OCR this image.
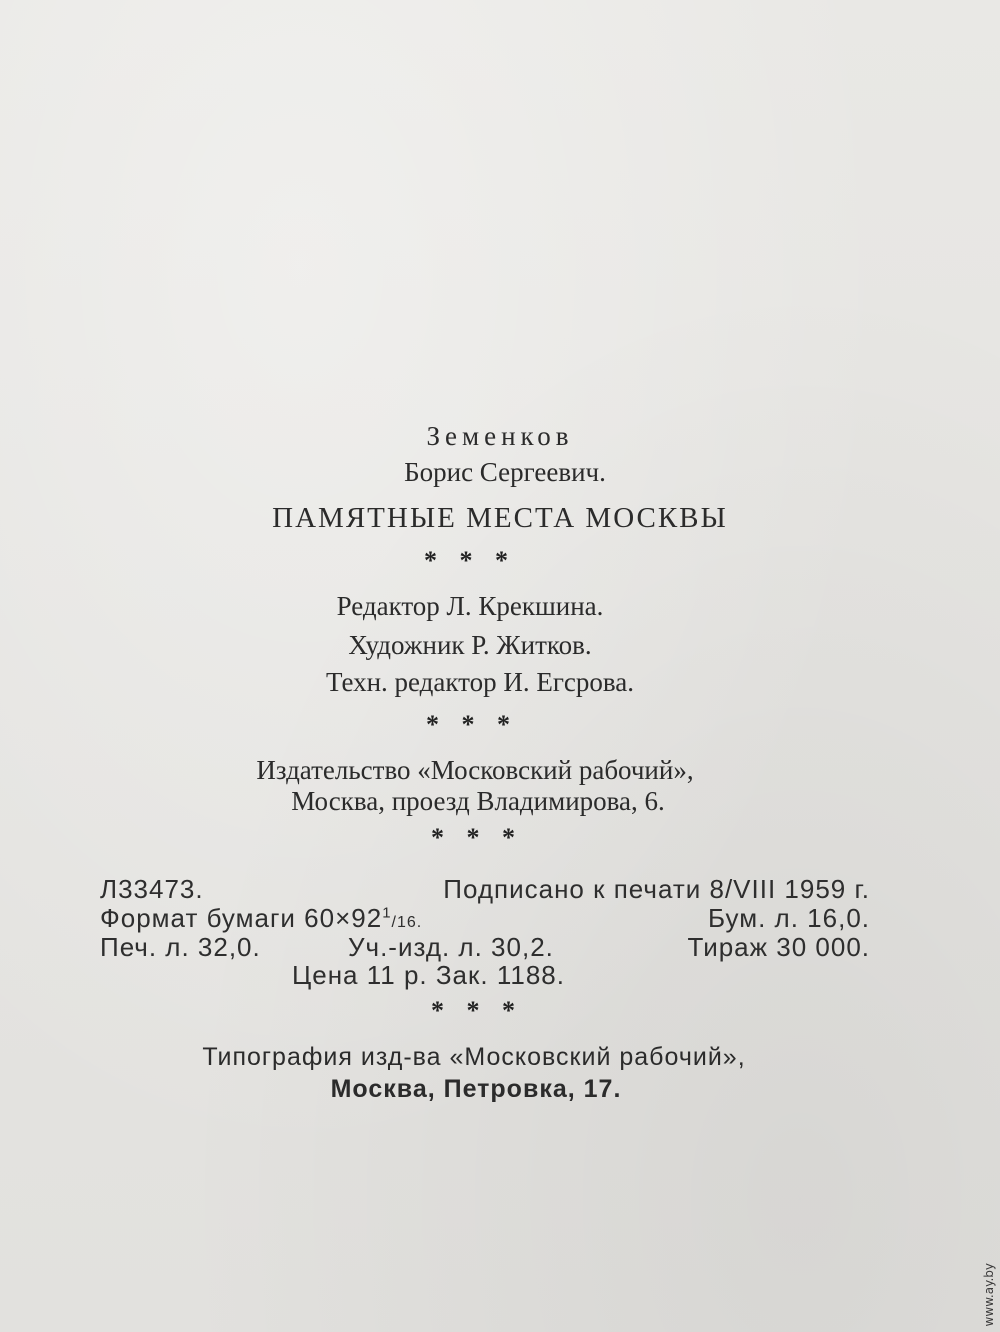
Земенков
Борис Сергеевич.
ПАМЯТНЫЕ МЕСТА МОСКВЫ
* * *
Редактор Л. Крекшина.
Художник Р. Житков.
Техн. редактор И. Егсрова.
* * *
Издательство «Московский рабочий»,
Москва, проезд Владимирова, 6.
* * *
Л33473.	Подписано к печати 8/VIII 1959 г.
Формат бумаги $60\times 92^1/16$.	Бум. л. 16,0.
Печ. л. 32,0.	Уч.-изд. л. 30,2.	Тираж 30 000.
Цена 11 р. Зак. 1188.
* * *
Типография изд-ва «Московский рабочий»,
Москва, Петровка, 17.
www.ay.by
